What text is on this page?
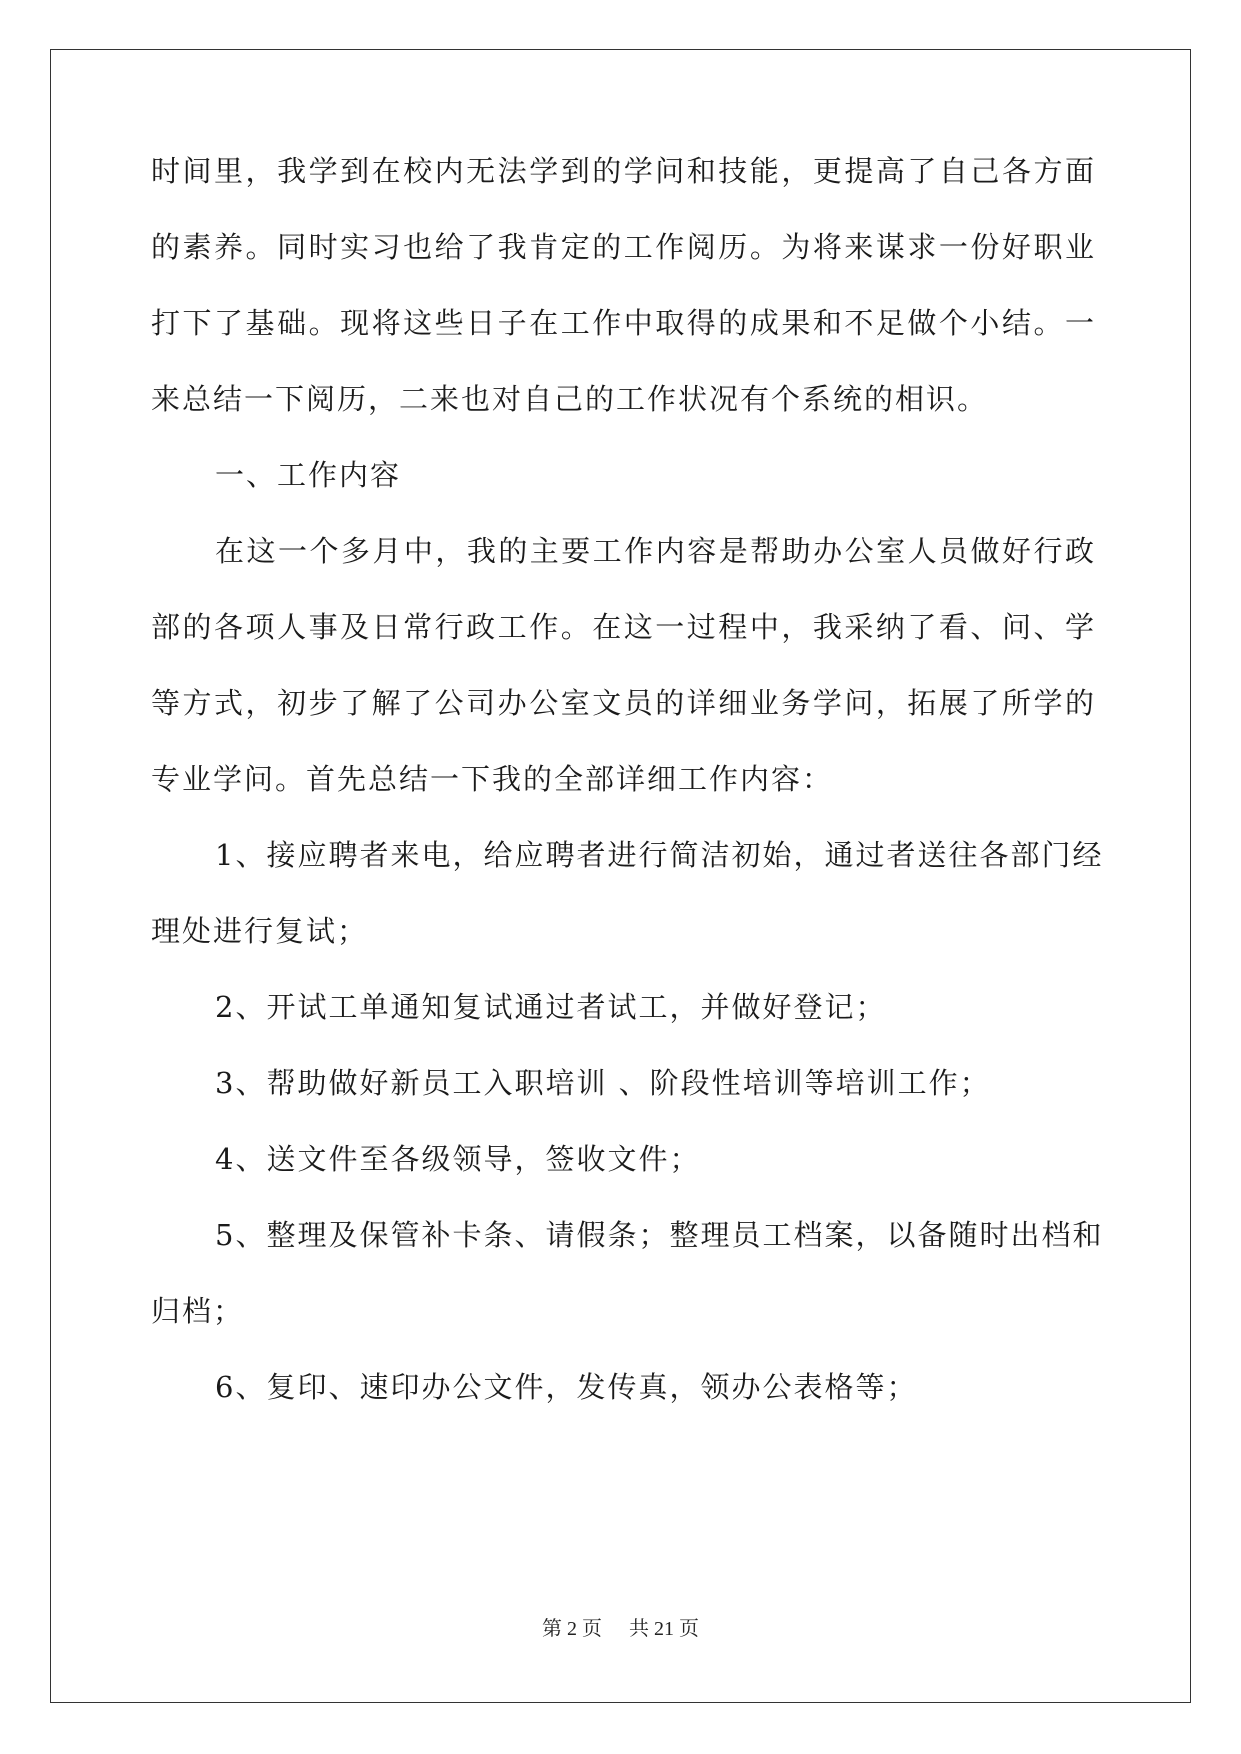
时间里，我学到在校内无法学到的学问和技能，更提高了自己各方面
的素养。同时实习也给了我肯定的工作阅历。为将来谋求一份好职业
打下了基础。现将这些日子在工作中取得的成果和不足做个小结。一
来总结一下阅历，二来也对自己的工作状况有个系统的相识。
一、工作内容
在这一个多月中，我的主要工作内容是帮助办公室人员做好行政
部的各项人事及日常行政工作。在这一过程中，我采纳了看、问、学
等方式，初步了解了公司办公室文员的详细业务学问，拓展了所学的
专业学问。首先总结一下我的全部详细工作内容：
1、接应聘者来电，给应聘者进行简洁初始，通过者送往各部门经
理处进行复试；
2、开试工单通知复试通过者试工，并做好登记；
3、帮助做好新员工入职培训 、阶段性培训等培训工作；
4、送文件至各级领导，签收文件；
5、整理及保管补卡条、请假条；整理员工档案，以备随时出档和
归档；
6、复印、速印办公文件，发传真，领办公表格等；
第 2 页 共 21 页
